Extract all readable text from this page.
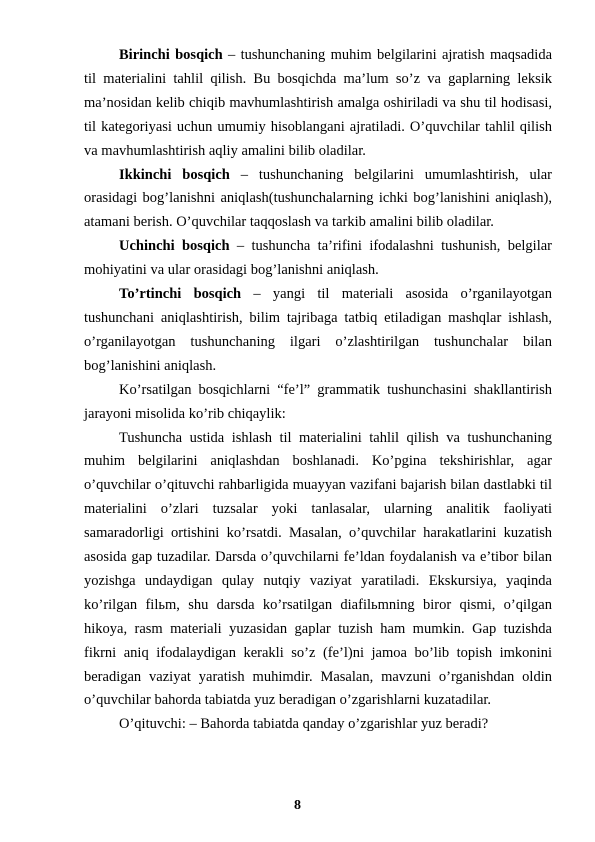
Birinchi bosqich – tushunchaning muhim belgilarini ajratish maqsadida til materialini tahlil qilish. Bu bosqichda ma’lum so’z va gaplarning leksik ma’nosidan kelib chiqib mavhumlashtirish amalga oshiriladi va shu til hodisasi, til kategoriyasi uchun umumiy hisoblangani ajratiladi. O’quvchilar tahlil qilish va mavhumlashtirish aqliy amalini bilib oladilar.

Ikkinchi bosqich – tushunchaning belgilarini umumlashtirish, ular orasidagi bog’lanishni aniqlash(tushunchalarning ichki bog’lanishini aniqlash), atamani berish. O’quvchilar taqqoslash va tarkib amalini bilib oladilar.

Uchinchi bosqich – tushuncha ta’rifini ifodalashni tushunish, belgilar mohiyatini va ular orasidagi bog’lanishni aniqlash.

To’rtinchi bosqich – yangi til materiali asosida o’rganilayotgan tushunchani aniqlashtirish, bilim tajribaga tatbiq etiladigan mashqlar ishlash, o’rganilayotgan tushunchaning ilgari o’zlashtirilgan tushunchalar bilan bog’lanishini aniqlash.

Ko’rsatilgan bosqichlarni “fe’l” grammatik tushunchasini shakllantirish jarayoni misolida ko’rib chiqaylik:

Tushuncha ustida ishlash til materialini tahlil qilish va tushunchaning muhim belgilarini aniqlashdan boshlanadi. Ko’pgina tekshirishlar, agar o’quvchilar o’qituvchi rahbarligida muayyan vazifani bajarish bilan dastlabki til materialini o’zlari tuzsalar yoki tanlasalar, ularning analitik faoliyati samaradorligi ortishini ko’rsatdi. Masalan, o’quvchilar harakatlarini kuzatish asosida gap tuzadilar. Darsda o’quvchilarni fe’ldan foydalanish va e’tibor bilan yozishga undaydigan qulay nutqiy vaziyat yaratiladi. Ekskursiya, yaqinda ko’rilgan filьm, shu darsda ko’rsatilgan diafilьmning biror qismi, o’qilgan hikoya, rasm materiali yuzasidan gaplar tuzish ham mumkin. Gap tuzishda fikrni aniq ifodalaydigan kerakli so’z (fe’l)ni jamoa bo’lib topish imkonini beradigan vaziyat yaratish muhimdir. Masalan, mavzuni o’rganishdan oldin o’quvchilar bahorda tabiatda yuz beradigan o’zgarishlarni kuzatadilar.

O’qituvchi: – Bahorda tabiatda qanday o’zgarishlar yuz beradi?

8
